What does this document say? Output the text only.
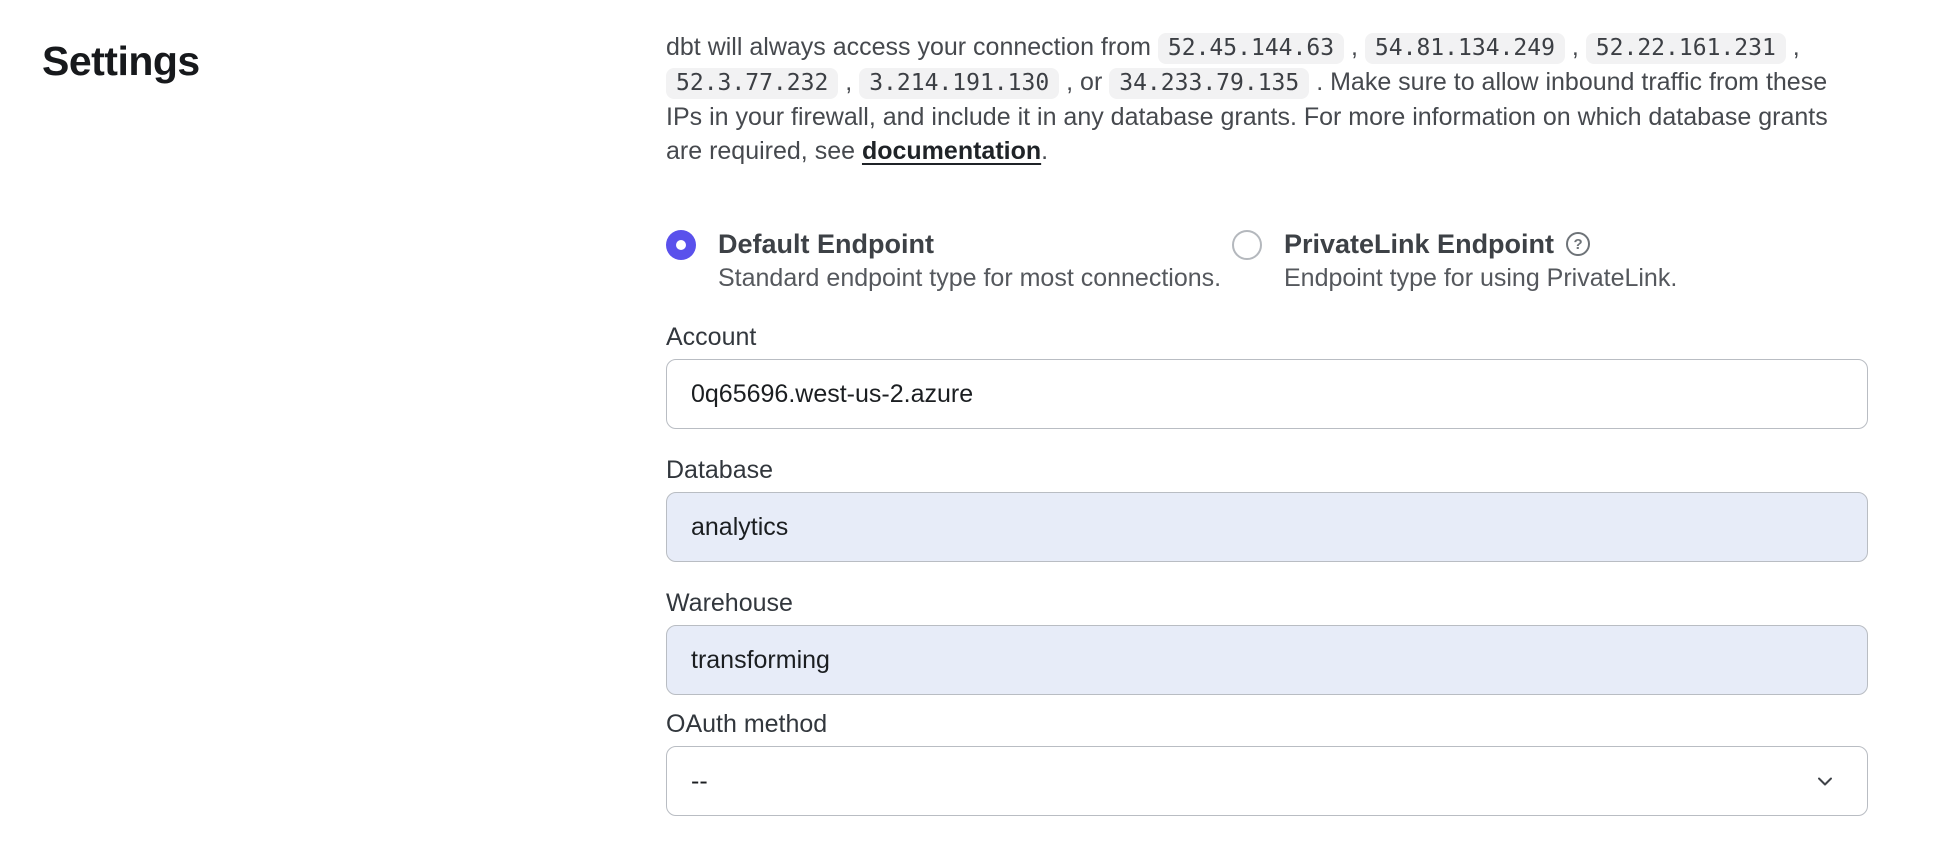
Settings	dbt will always access your connection from 52.45.144.63 , 54.81.134.249 , 52.22.161.231 , 52.3.77.232 , 3.214.191.130 , or 34.233.79.135 . Make sure to allow inbound traffic from these IPs in your firewall, and include it in any database grants. For more information on which database grants are required, see documentation.

Default Endpoint
Standard endpoint type for most connections.
PrivateLink Endpoint	?
Endpoint type for using PrivateLink.
Account
0q65696.west-us-2.azure
Database
analytics
Warehouse
transforming
OAuth method
--
